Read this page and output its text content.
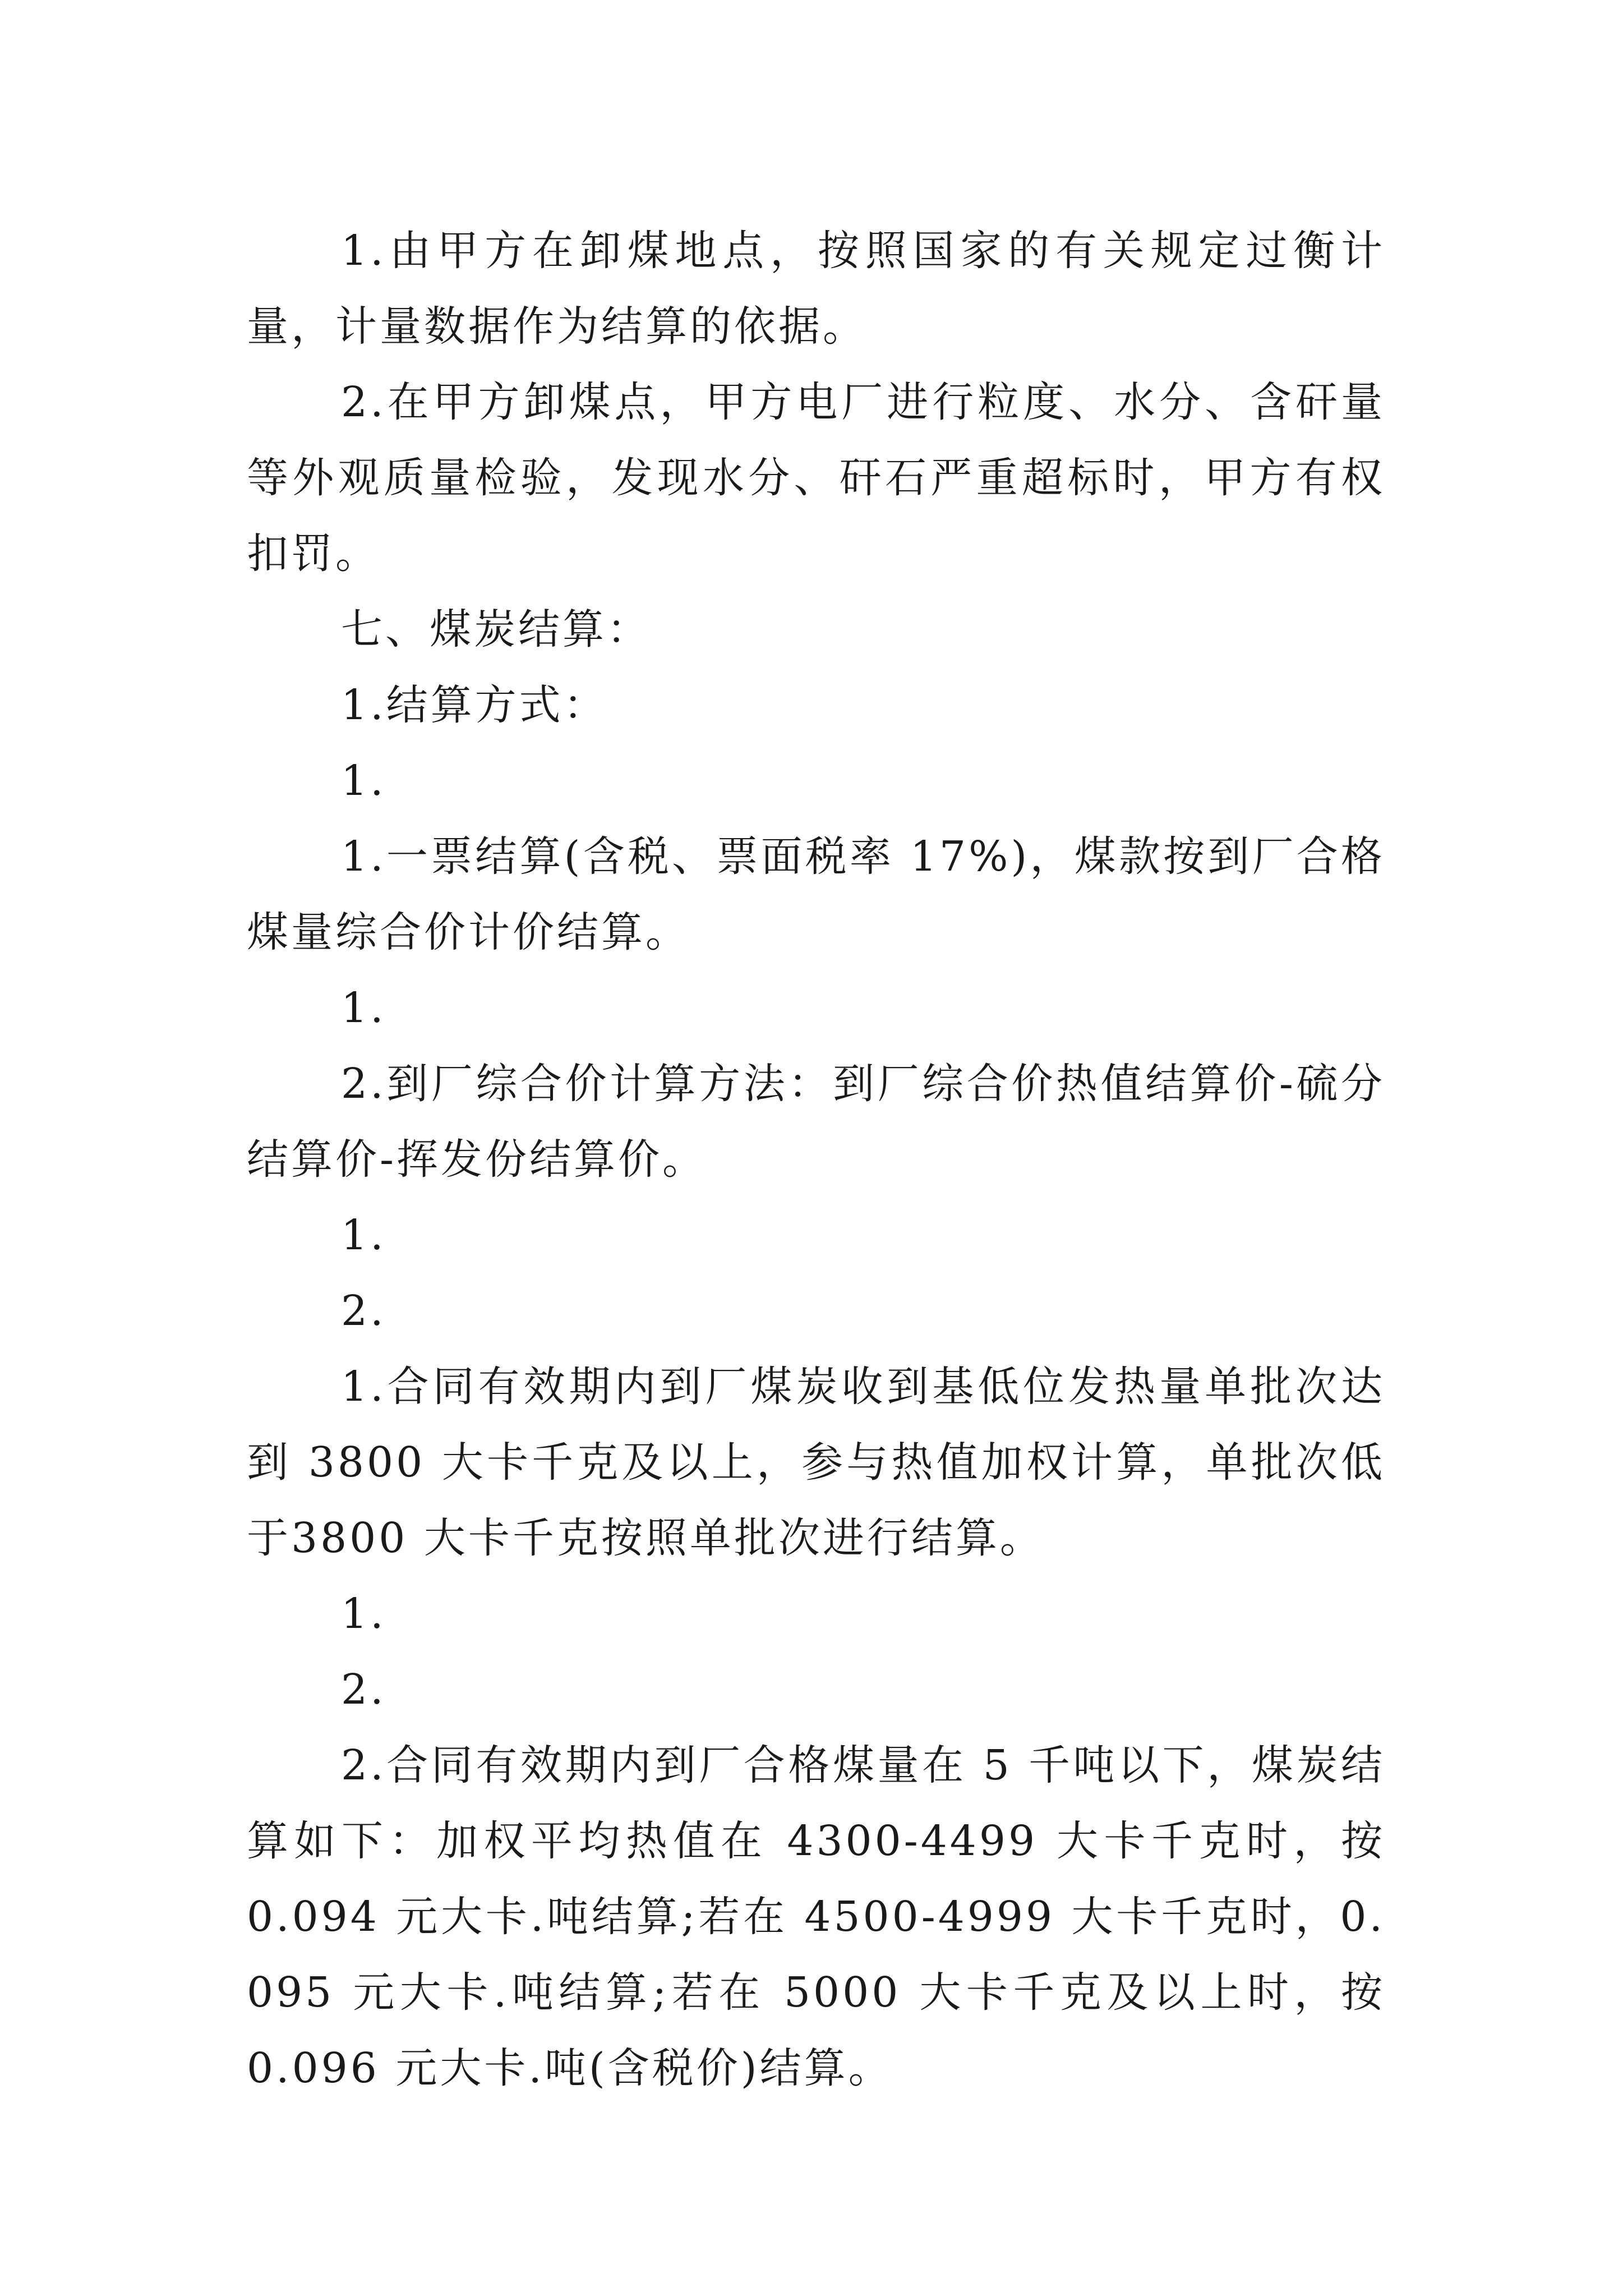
1.由甲方在卸煤地点，按照国家的有关规定过衡计量，计量数据作为结算的依据。

2.在甲方卸煤点，甲方电厂进行粒度、水分、含矸量等外观质量检验，发现水分、矸石严重超标时，甲方有权扣罚。

七、煤炭结算：

1.结算方式：

1.

1.一票结算(含税、票面税率 17%)，煤款按到厂合格煤量综合价计价结算。

1.

2.到厂综合价计算方法：到厂综合价热值结算价-硫分结算价-挥发份结算价。

1.

2.

1.合同有效期内到厂煤炭收到基低位发热量单批次达到 3800 大卡千克及以上，参与热值加权计算，单批次低于3800 大卡千克按照单批次进行结算。

1.

2.

2.合同有效期内到厂合格煤量在 5 千吨以下，煤炭结算如下：加权平均热值在 4300-4499 大卡千克时，按 0.094 元大卡.吨结算;若在 4500-4999 大卡千克时，0.095 元大卡.吨结算;若在 5000 大卡千克及以上时，按 0.096 元大卡.吨(含税价)结算。
